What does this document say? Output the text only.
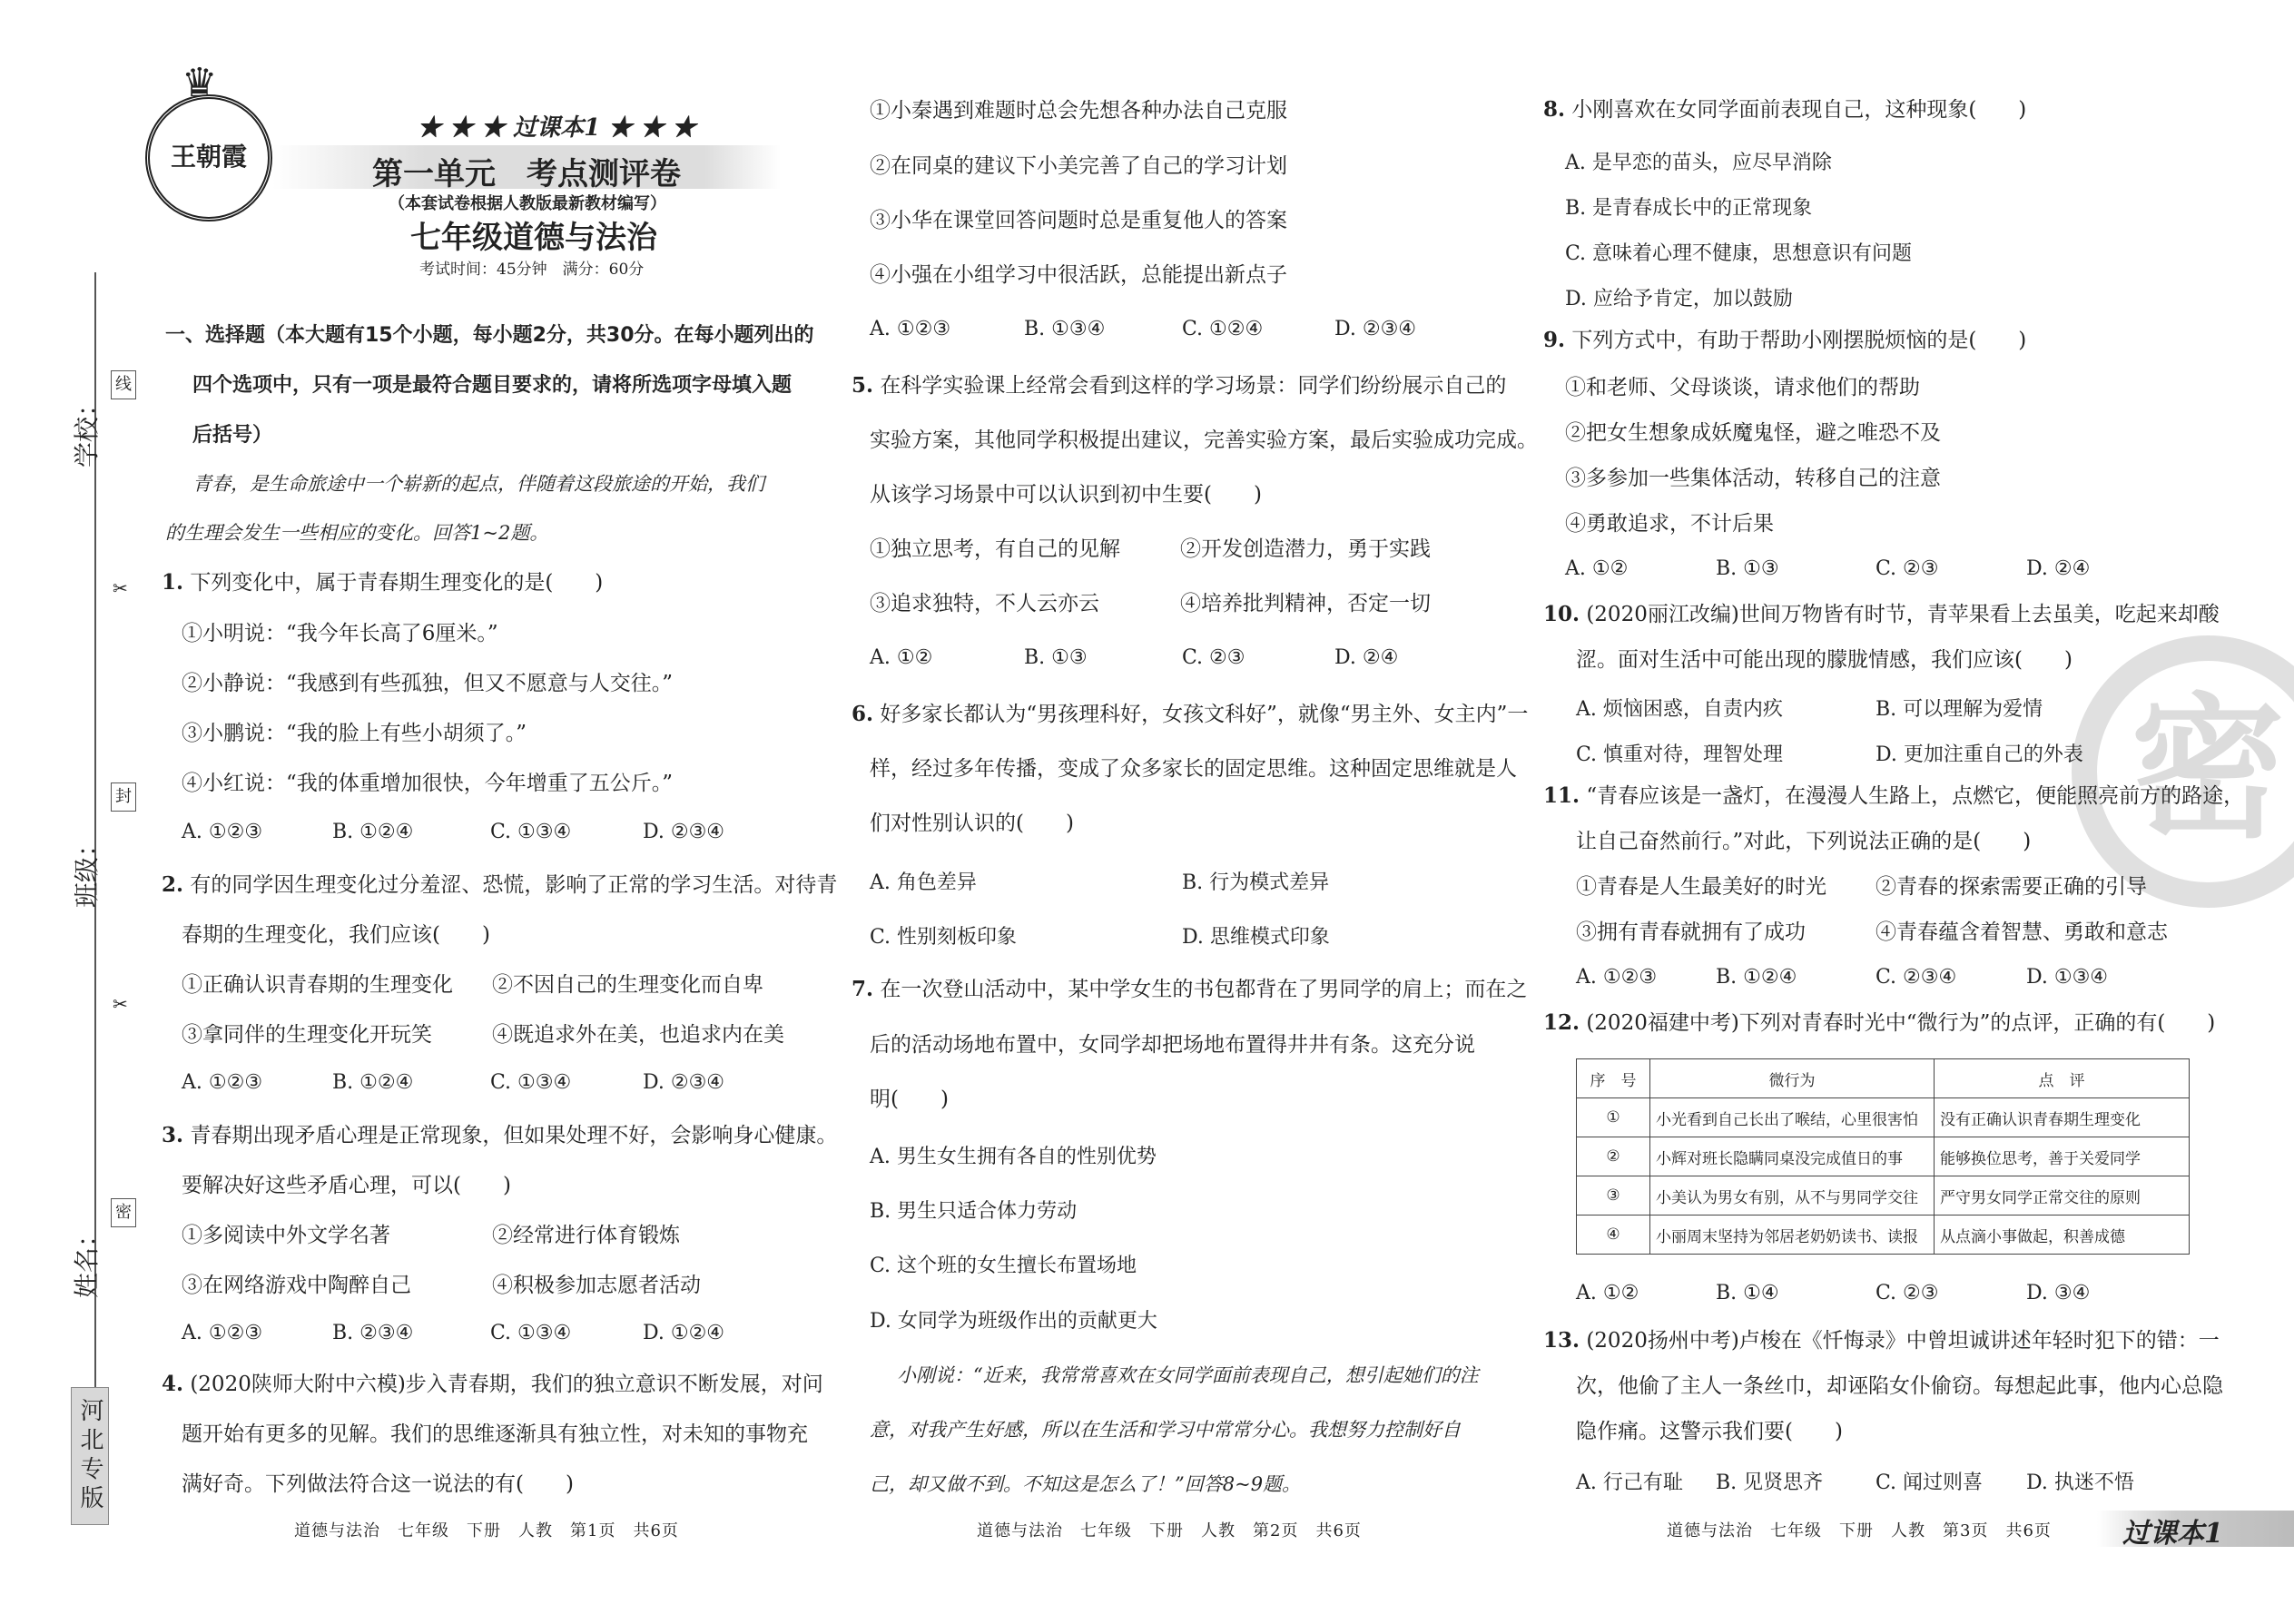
学校：
班级：
姓名：
线
封
密
✂
✂
河北专版
王朝霞
♛
★ ★ ★ 过课本1 ★ ★ ★
第一单元　考点测评卷
（本套试卷根据人教版最新教材编写）
七年级道德与法治
考试时间：45分钟　满分：60分
一、选择题（本大题有15个小题，每小题2分，共30分。在每小题列出的
四个选项中，只有一项是最符合题目要求的，请将所选项字母填入题
后括号）
青春，是生命旅途中一个崭新的起点，伴随着这段旅途的开始，我们
的生理会发生一些相应的变化。回答1~2题。
1. 下列变化中，属于青春期生理变化的是(　　)
①小明说：“我今年长高了6厘米。”
②小静说：“我感到有些孤独，但又不愿意与人交往。”
③小鹏说：“我的脸上有些小胡须了。”
④小红说：“我的体重增加很快，今年增重了五公斤。”
A. ①②③	B. ①②④	C. ①③④	D. ②③④
2. 有的同学因生理变化过分羞涩、恐慌，影响了正常的学习生活。对待青
春期的生理变化，我们应该(　　)
①正确认识青春期的生理变化 ②不因自己的生理变化而自卑
③拿同伴的生理变化开玩笑	④既追求外在美，也追求内在美
A. ①②③	B. ①②④	C. ①③④	D. ②③④
3. 青春期出现矛盾心理是正常现象，但如果处理不好，会影响身心健康。
要解决好这些矛盾心理，可以(　　)
①多阅读中外文学名著	②经常进行体育锻炼
③在网络游戏中陶醉自己	④积极参加志愿者活动
A. ①②③	B. ②③④	C. ①③④	D. ①②④
4. (2020陕师大附中六模)步入青春期，我们的独立意识不断发展，对问
题开始有更多的见解。我们的思维逐渐具有独立性，对未知的事物充
满好奇。下列做法符合这一说法的有(　　)
道德与法治　七年级　下册　人教　第1页　共6页
①小秦遇到难题时总会先想各种办法自己克服
②在同桌的建议下小美完善了自己的学习计划
③小华在课堂回答问题时总是重复他人的答案
④小强在小组学习中很活跃，总能提出新点子
A. ①②③	B. ①③④	C. ①②④	D. ②③④
5. 在科学实验课上经常会看到这样的学习场景：同学们纷纷展示自己的
实验方案，其他同学积极提出建议，完善实验方案，最后实验成功完成。
从该学习场景中可以认识到初中生要(　　)
①独立思考，有自己的见解	②开发创造潜力，勇于实践
③追求独特，不人云亦云	④培养批判精神，否定一切
A. ①②	B. ①③	C. ②③	D. ②④
6. 好多家长都认为“男孩理科好，女孩文科好”，就像“男主外、女主内”一
样，经过多年传播，变成了众多家长的固定思维。这种固定思维就是人
们对性别认识的(　　)
A. 角色差异	B. 行为模式差异
C. 性别刻板印象	D. 思维模式印象
7. 在一次登山活动中，某中学女生的书包都背在了男同学的肩上；而在之
后的活动场地布置中，女同学却把场地布置得井井有条。这充分说
明(　　)
A. 男生女生拥有各自的性别优势
B. 男生只适合体力劳动
C. 这个班的女生擅长布置场地
D. 女同学为班级作出的贡献更大
小刚说：“近来，我常常喜欢在女同学面前表现自己，想引起她们的注
意，对我产生好感，所以在生活和学习中常常分心。我想努力控制好自
己，却又做不到。不知这是怎么了！”回答8~9题。
道德与法治　七年级　下册　人教　第2页　共6页
密
8. 小刚喜欢在女同学面前表现自己，这种现象(　　)
A. 是早恋的苗头，应尽早消除
B. 是青春成长中的正常现象
C. 意味着心理不健康，思想意识有问题
D. 应给予肯定，加以鼓励
9. 下列方式中，有助于帮助小刚摆脱烦恼的是(　　)
①和老师、父母谈谈，请求他们的帮助
②把女生想象成妖魔鬼怪，避之唯恐不及
③多参加一些集体活动，转移自己的注意
④勇敢追求，不计后果
A. ①②	B. ①③	C. ②③	D. ②④
10. (2020丽江改编)世间万物皆有时节，青苹果看上去虽美，吃起来却酸
涩。面对生活中可能出现的朦胧情感，我们应该(　　)
A. 烦恼困惑，自责内疚	B. 可以理解为爱情
C. 慎重对待，理智处理	D. 更加注重自己的外表
11. “青春应该是一盏灯，在漫漫人生路上，点燃它，便能照亮前方的路途，
让自己奋然前行。”对此，下列说法正确的是(　　)
①青春是人生最美好的时光 ②青春的探索需要正确的引导
③拥有青春就拥有了成功	④青春蕴含着智慧、勇敢和意志
A. ①②③	B. ①②④	C. ②③④	D. ①③④
12. (2020福建中考)下列对青春时光中“微行为”的点评，正确的有(　　)
序　号	微行为	点　评
①	小光看到自己长出了喉结，心里很害怕	没有正确认识青春期生理变化
②	小辉对班长隐瞒同桌没完成值日的事	能够换位思考，善于关爱同学
③	小美认为男女有别，从不与男同学交往	严守男女同学正常交往的原则
④	小丽周末坚持为邻居老奶奶读书、读报	从点滴小事做起，积善成德
A. ①②	B. ①④	C. ②③	D. ③④
13. (2020扬州中考)卢梭在《忏悔录》中曾坦诚讲述年轻时犯下的错：一
次，他偷了主人一条丝巾，却诬陷女仆偷窃。每想起此事，他内心总隐
隐作痛。这警示我们要(　　)
A. 行己有耻 B. 见贤思齐	C. 闻过则喜 D. 执迷不悟
道德与法治　七年级　下册　人教　第3页　共6页	过课本1
